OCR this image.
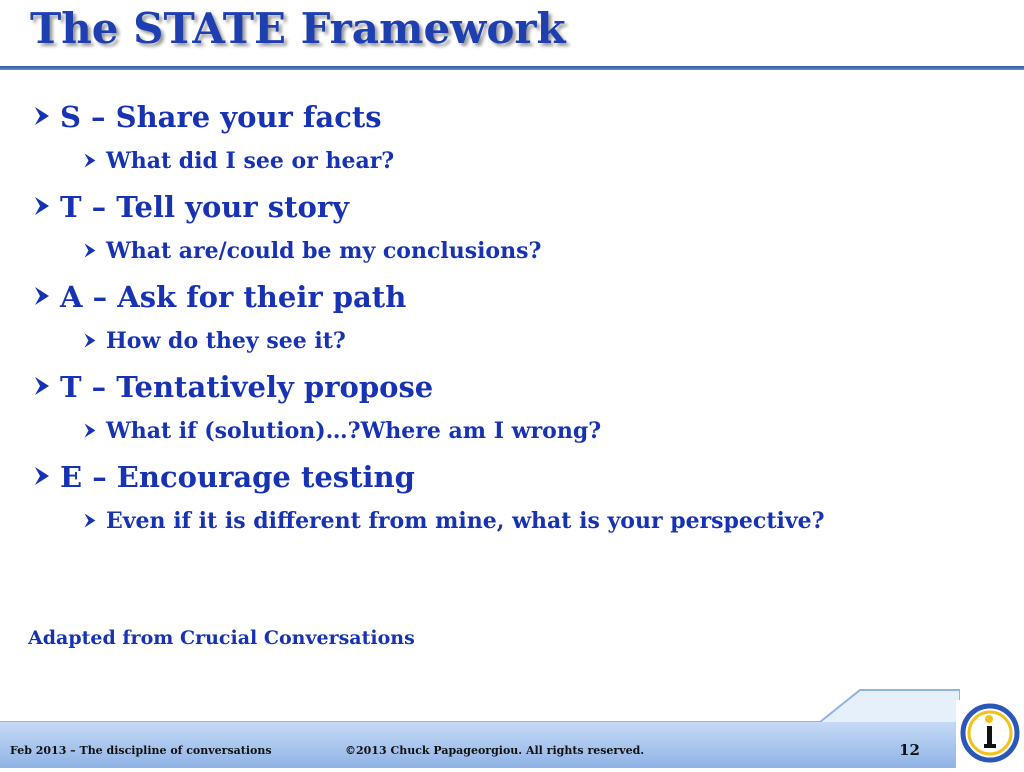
The STATE Framework
S – Share your facts
What did I see or hear?
T – Tell your story
What are/could be my conclusions?
A – Ask for their path
How do they see it?
T – Tentatively propose
What if (solution)…?Where am I wrong?
E – Encourage testing
Even if it is different from mine, what is your perspective?
Adapted from Crucial Conversations
Feb 2013 – The discipline of conversations	©2013 Chuck Papageorgiou. All rights reserved.	12
